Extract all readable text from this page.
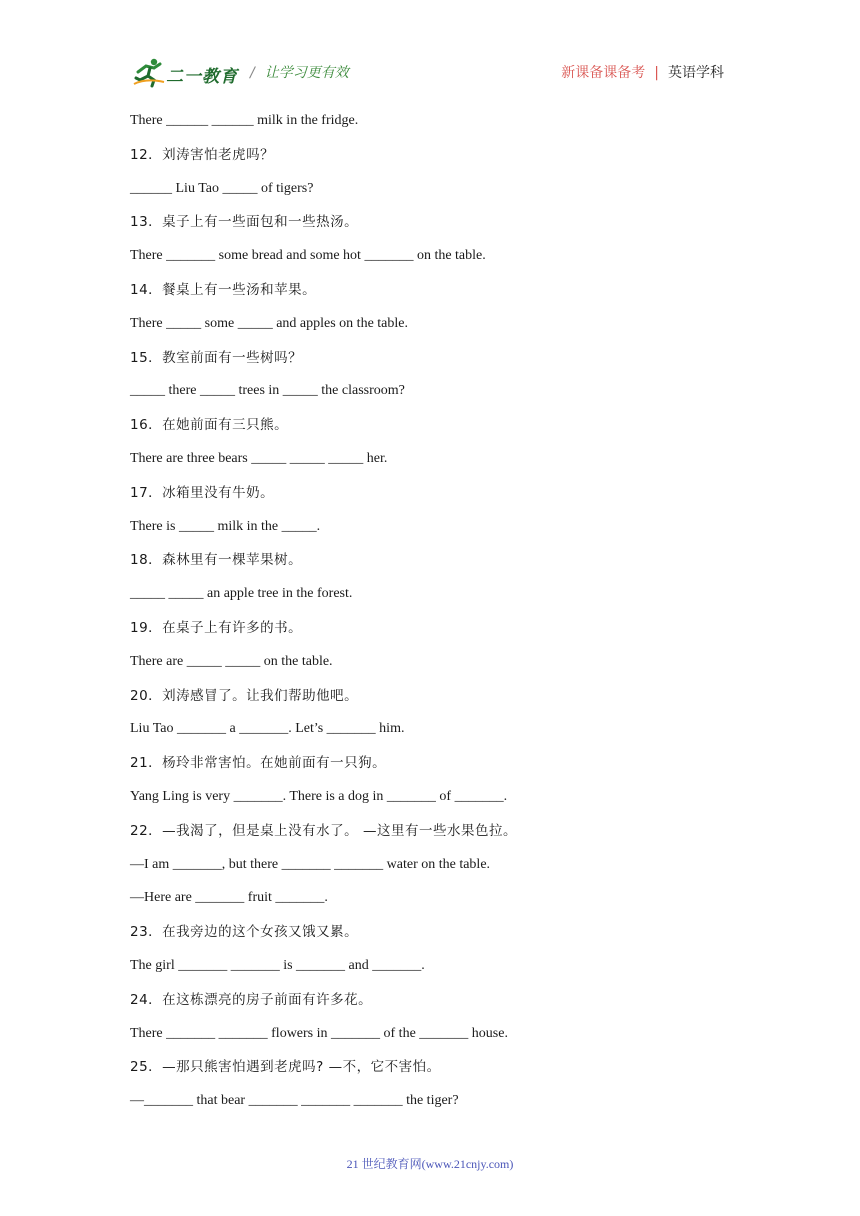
二一教育 / 让学习更有效	新课备课备考 | 英语学科
There ______ ______ milk in the fridge.
12．刘涛害怕老虎吗？
______ Liu Tao _____ of tigers?
13．桌子上有一些面包和一些热汤。
There _______ some bread and some hot _______ on the table.
14．餐桌上有一些汤和苹果。
There _____ some _____ and apples on the table.
15．教室前面有一些树吗？
_____ there _____ trees in _____ the classroom?
16．在她前面有三只熊。
There are three bears _____ _____ _____ her.
17．冰箱里没有牛奶。
There is _____ milk in the _____.
18．森林里有一棵苹果树。
_____ _____ an apple tree in the forest.
19．在桌子上有许多的书。
There are _____ _____ on the table.
20．刘涛感冒了。让我们帮助他吧。
Liu Tao _______ a _______. Let’s _______ him.
21．杨玲非常害怕。在她前面有一只狗。
Yang Ling is very _______. There is a dog in _______ of _______.
22．—我渴了，但是桌上没有水了。 —这里有一些水果色拉。
—I am _______, but there _______ _______ water on the table.
—Here are _______ fruit _______.
23．在我旁边的这个女孩又饿又累。
The girl _______ _______ is _______ and _______.
24．在这栋漂亮的房子前面有许多花。
There _______ _______ flowers in _______ of the _______ house.
25．—那只熊害怕遇到老虎吗? —不，它不害怕。
—_______ that bear _______ _______ _______ the tiger?
21 世纪教育网(www.21cnjy.com)
